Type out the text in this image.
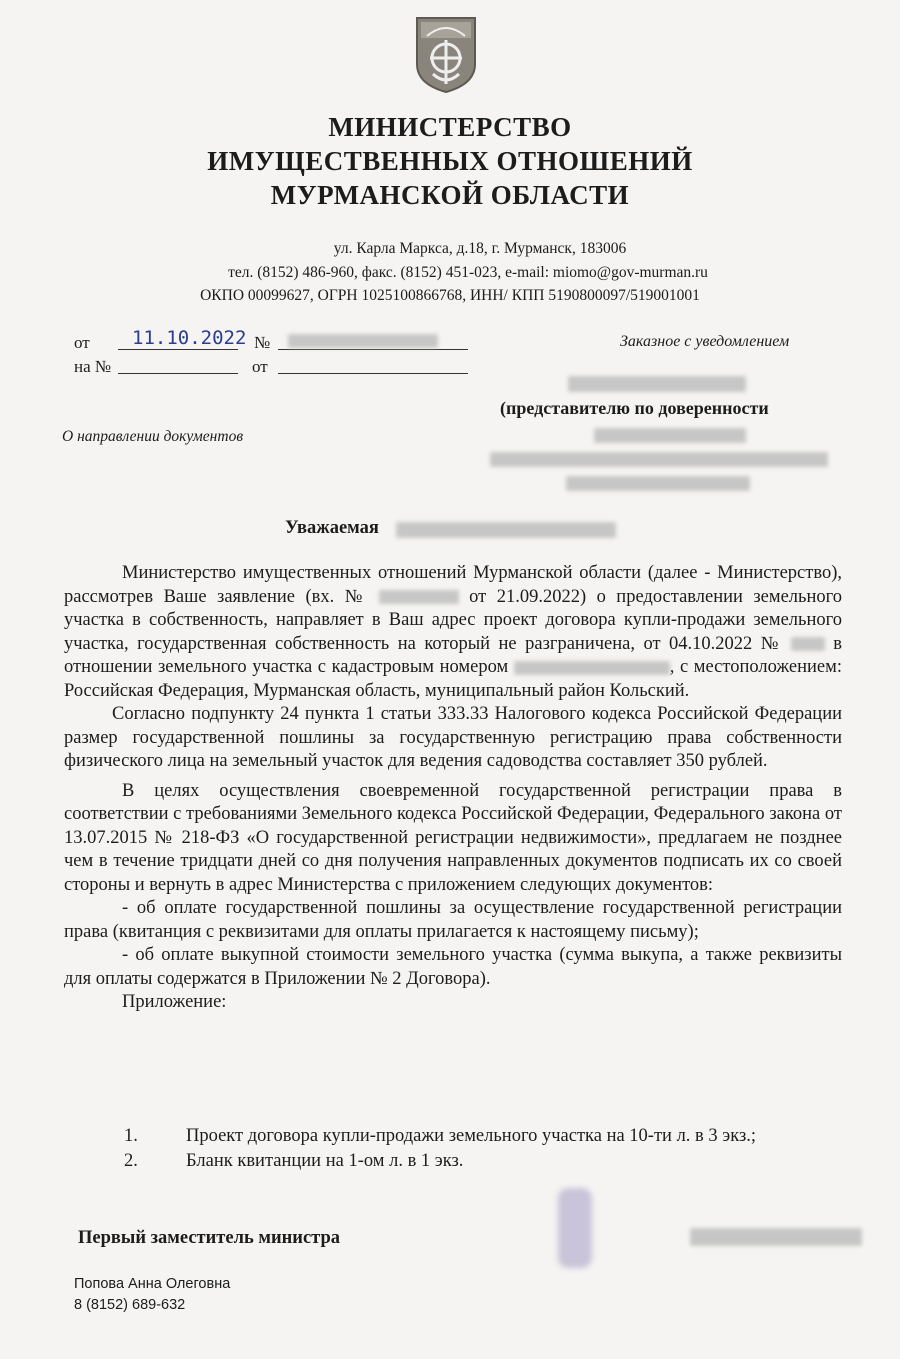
МИНИСТЕРСТВО
ИМУЩЕСТВЕННЫХ ОТНОШЕНИЙ
МУРМАНСКОЙ ОБЛАСТИ
ул. Карла Маркса, д.18, г. Мурманск, 183006
тел. (8152) 486-960, факс. (8152) 451-023, e-mail: miomo@gov-murman.ru
ОКПО 00099627, ОГРН 1025100866768, ИНН/ КПП 5190800097/519001001
от 11.10.2022 №
на №	от
Заказное с уведомлением
(представителю по доверенности
О направлении документов
Уважаемая

Министерство имущественных отношений Мурманской области (далее - Министерство), рассмотрев Ваше заявление (вх. №	от 21.09.2022) о предоставлении земельного участка в собственность, направляет в Ваш адрес проект договора купли-продажи земельного участка, государственная собственность на который не разграничена, от 04.10.2022 №	в отношении земельного участка с кадастровым номером	, с местоположением: Российская Федерация, Мурманская область, муниципальный район Кольский.

Согласно подпункту 24 пункта 1 статьи 333.33 Налогового кодекса Российской Федерации размер государственной пошлины за государственную регистрацию права собственности физического лица на земельный участок для ведения садоводства составляет 350 рублей.

В целях осуществления своевременной государственной регистрации права в соответствии с требованиями Земельного кодекса Российской Федерации, Федерального закона от 13.07.2015 № 218-ФЗ «О государственной регистрации недвижимости», предлагаем не позднее чем в течение тридцати дней со дня получения направленных документов подписать их со своей стороны и вернуть в адрес Министерства с приложением следующих документов:

- об оплате государственной пошлины за осуществление государственной регистрации права (квитанция с реквизитами для оплаты прилагается к настоящему письму);

- об оплате выкупной стоимости земельного участка (сумма выкупа, а также реквизиты для оплаты содержатся в Приложении № 2 Договора).

Приложение:

1.	Проект договора купли-продажи земельного участка на 10-ти л. в 3 экз.;
2.	Бланк квитанции на 1-ом л. в 1 экз.
Первый заместитель министра
Попова Анна Олеговна
8 (8152) 689-632
